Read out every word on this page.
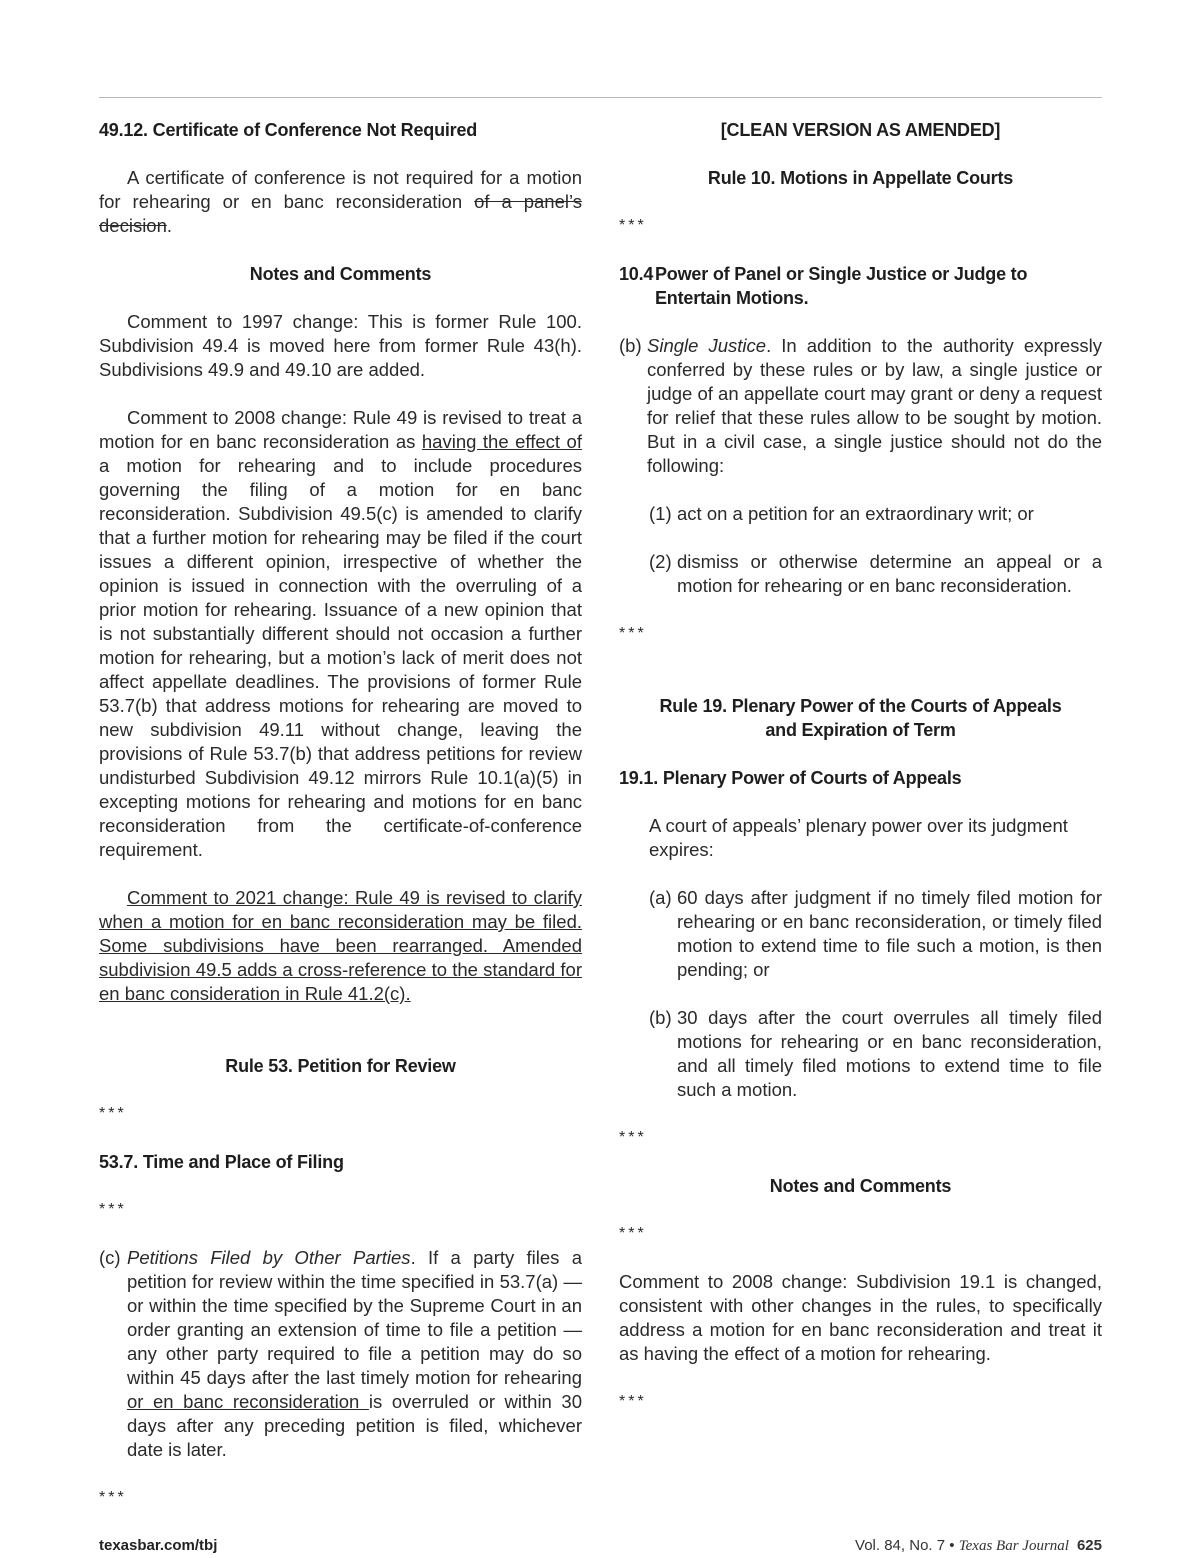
49.12. Certificate of Conference Not Required

A certificate of conference is not required for a motion for rehearing or en banc reconsideration of a panel’s decision.

Notes and Comments

Comment to 1997 change: This is former Rule 100. Subdivision 49.4 is moved here from former Rule 43(h). Subdivisions 49.9 and 49.10 are added.

Comment to 2008 change: Rule 49 is revised to treat a motion for en banc reconsideration as having the effect of a motion for rehearing and to include procedures governing the filing of a motion for en banc reconsideration. Subdivision 49.5(c) is amended to clarify that a further motion for rehearing may be filed if the court issues a different opinion, irrespective of whether the opinion is issued in connection with the overruling of a prior motion for rehearing. Issuance of a new opinion that is not substantially different should not occasion a further motion for rehearing, but a motion’s lack of merit does not affect appellate deadlines. The provisions of former Rule 53.7(b) that address motions for rehearing are moved to new subdivision 49.11 without change, leaving the provisions of Rule 53.7(b) that address petitions for review undisturbed Subdivision 49.12 mirrors Rule 10.1(a)(5) in excepting motions for rehearing and motions for en banc reconsideration from the certificate-of-conference requirement.

Comment to 2021 change: Rule 49 is revised to clarify when a motion for en banc reconsideration may be filed. Some subdivisions have been rearranged. Amended subdivision 49.5 adds a cross-reference to the standard for en banc consideration in Rule 41.2(c).

Rule 53. Petition for Review

***

53.7. Time and Place of Filing

***

(c) Petitions Filed by Other Parties. If a party files a petition for review within the time specified in 53.7(a) — or within the time specified by the Supreme Court in an order granting an extension of time to file a petition — any other party required to file a petition may do so within 45 days after the last timely motion for rehearing or en banc reconsideration is overruled or within 30 days after any preceding petition is filed, whichever date is later.

***

[CLEAN VERSION AS AMENDED]

Rule 10. Motions in Appellate Courts

***

10.4 Power of Panel or Single Justice or Judge to Entertain Motions.
(b) Single Justice. In addition to the authority expressly conferred by these rules or by law, a single justice or judge of an appellate court may grant or deny a request for relief that these rules allow to be sought by motion. But in a civil case, a single justice should not do the following:

(1) act on a petition for an extraordinary writ; or

(2) dismiss or otherwise determine an appeal or a motion for rehearing or en banc reconsideration.

***

Rule 19. Plenary Power of the Courts of Appeals

and Expiration of Term

19.1. Plenary Power of Courts of Appeals

A court of appeals’ plenary power over its judgment expires:

(a) 60 days after judgment if no timely filed motion for rehearing or en banc reconsideration, or timely filed motion to extend time to file such a motion, is then pending; or

(b) 30 days after the court overrules all timely filed motions for rehearing or en banc reconsideration, and all timely filed motions to extend time to file such a motion.

***

Notes and Comments

***

Comment to 2008 change: Subdivision 19.1 is changed, consistent with other changes in the rules, to specifically address a motion for en banc reconsideration and treat it as having the effect of a motion for rehearing.

***

texasbar.com/tbj	Vol. 84, No. 7 • Texas Bar Journal 625
